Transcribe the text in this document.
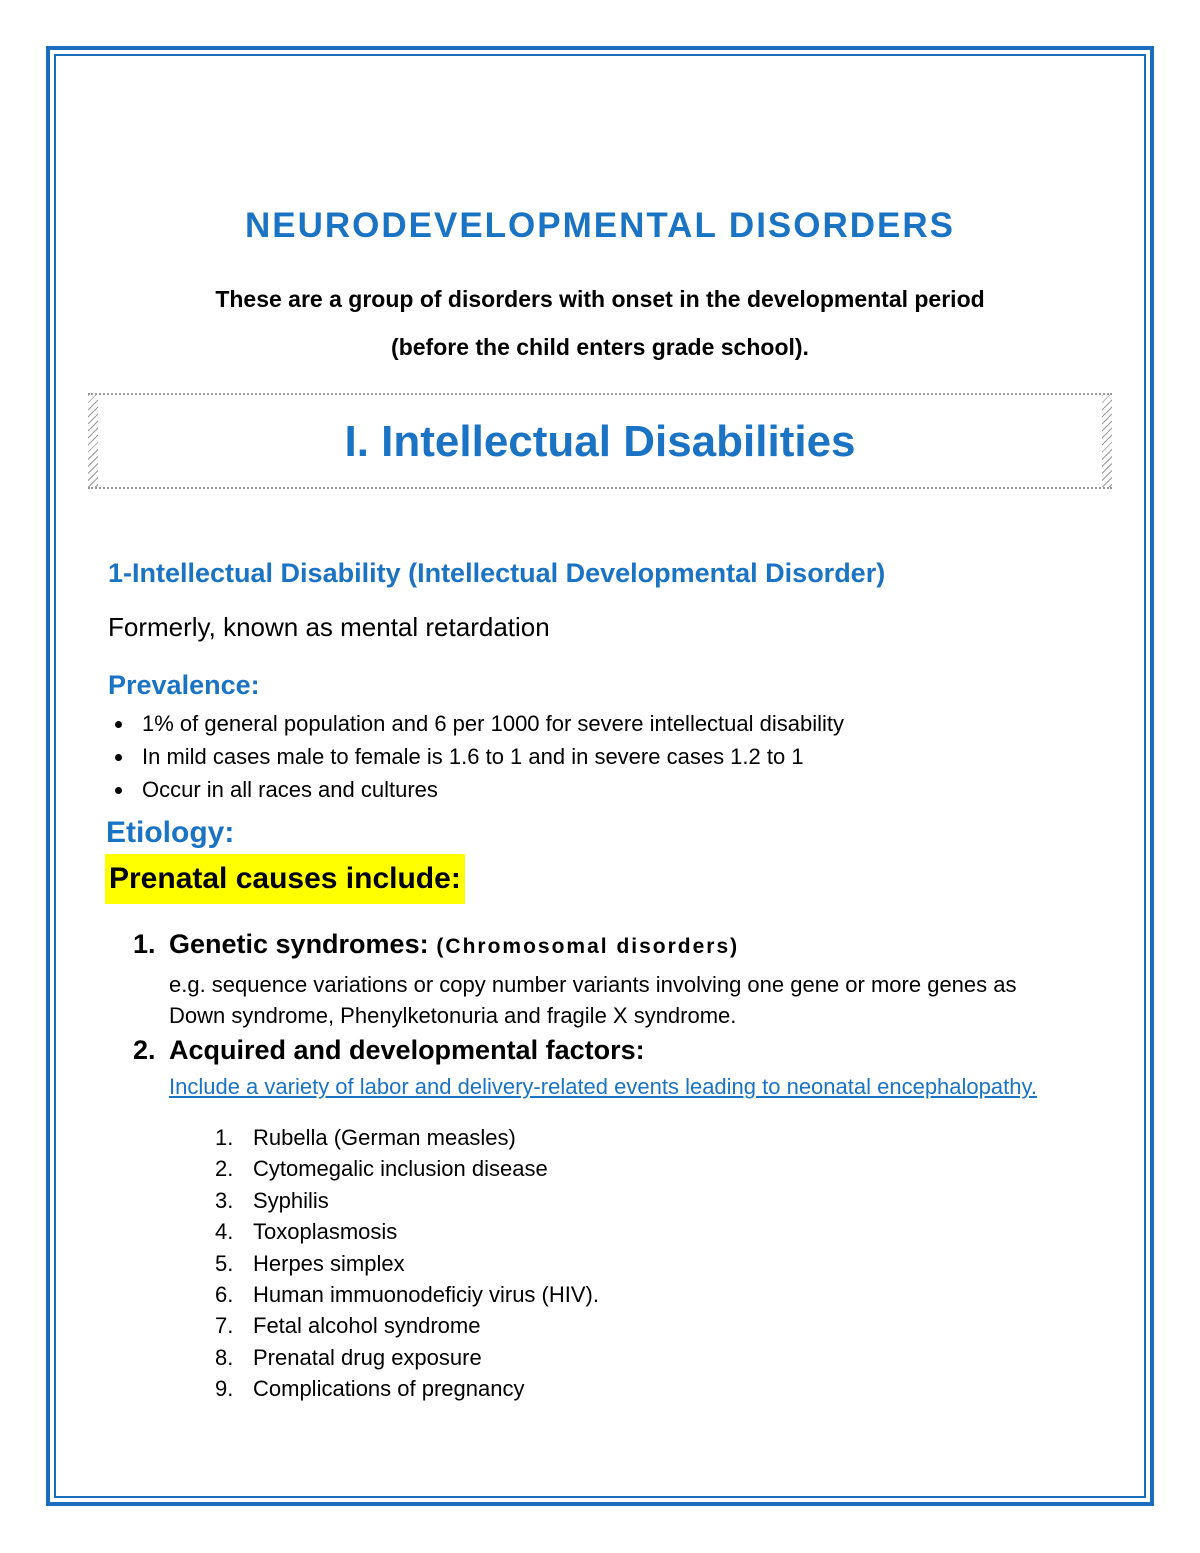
NEURODEVELOPMENTAL DISORDERS
These are a group of disorders with onset in the developmental period
(before the child enters grade school).
I. Intellectual Disabilities
1-Intellectual Disability (Intellectual Developmental Disorder)
Formerly, known as mental retardation
Prevalence:
1% of general population and 6 per 1000 for severe intellectual disability
In mild cases male to female is 1.6 to 1 and in severe cases 1.2 to 1
Occur in all races and cultures
Etiology:
Prenatal causes include:
1. Genetic syndromes: (Chromosomal disorders)
e.g. sequence variations or copy number variants involving one gene or more genes as
Down syndrome, Phenylketonuria and fragile X syndrome.
2. Acquired and developmental factors:
Include a variety of labor and delivery-related events leading to neonatal encephalopathy.
1. Rubella (German measles)
2. Cytomegalic inclusion disease
3. Syphilis
4. Toxoplasmosis
5. Herpes simplex
6. Human immuonodeficiy virus (HIV).
7. Fetal alcohol syndrome
8. Prenatal drug exposure
9. Complications of pregnancy
